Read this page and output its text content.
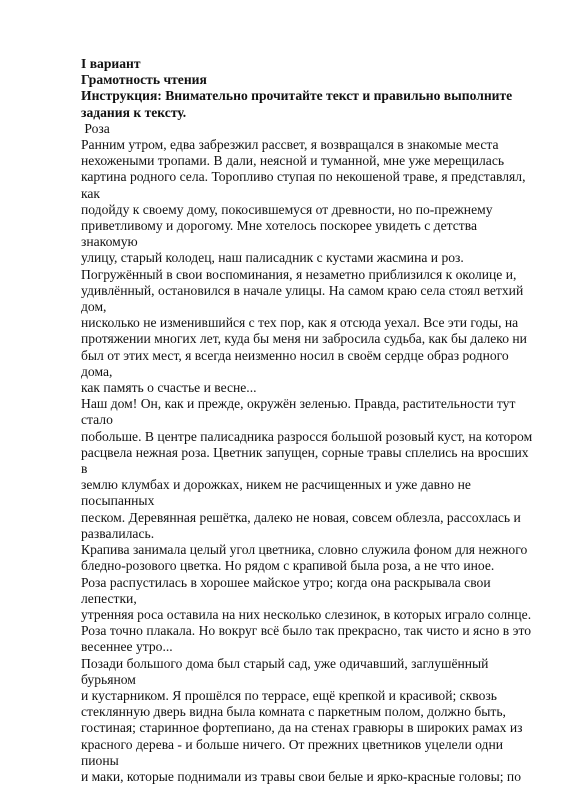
I вариант
Грамотность чтения
Инструкция: Внимательно прочитайте текст и правильно выполните
задания к тексту.
Роза
Ранним утром, едва забрезжил рассвет, я возвращался в знакомые места
нехожеными тропами. В дали, неясной и туманной, мне уже мерещилась
картина родного села. Торопливо ступая по некошеной траве, я представлял,
как
подойду к своему дому, покосившемуся от древности, но по-прежнему
приветливому и дорогому. Мне хотелось поскорее увидеть с детства
знакомую
улицу, старый колодец, наш палисадник с кустами жасмина и роз.
Погружённый в свои воспоминания, я незаметно приблизился к околице и,
удивлённый, остановился в начале улицы. На самом краю села стоял ветхий
дом,
нисколько не изменившийся с тех пор, как я отсюда уехал. Все эти годы, на
протяжении многих лет, куда бы меня ни забросила судьба, как бы далеко ни
был от этих мест, я всегда неизменно носил в своём сердце образ родного
дома,
как память о счастье и весне...
Наш дом! Он, как и прежде, окружён зеленью. Правда, растительности тут
стало
побольше. В центре палисадника разросся большой розовый куст, на котором
расцвела нежная роза. Цветник запущен, сорные травы сплелись на вросших
в
землю клумбах и дорожках, никем не расчищенных и уже давно не
посыпанных
песком. Деревянная решётка, далеко не новая, совсем облезла, рассохлась и
развалилась.
Крапива занимала целый угол цветника, словно служила фоном для нежного
бледно-розового цветка. Но рядом с крапивой была роза, а не что иное.
Роза распустилась в хорошее майское утро; когда она раскрывала свои
лепестки,
утренняя роса оставила на них несколько слезинок, в которых играло солнце.
Роза точно плакала. Но вокруг всё было так прекрасно, так чисто и ясно в это
весеннее утро...
Позади большого дома был старый сад, уже одичавший, заглушённый
бурьяном
и кустарником. Я прошёлся по террасе, ещё крепкой и красивой; сквозь
стеклянную дверь видна была комната с паркетным полом, должно быть,
гостиная; старинное фортепиано, да на стенах гравюры в широких рамах из
красного дерева - и больше ничего. От прежних цветников уцелели одни
пионы
и маки, которые поднимали из травы свои белые и ярко-красные головы; по
